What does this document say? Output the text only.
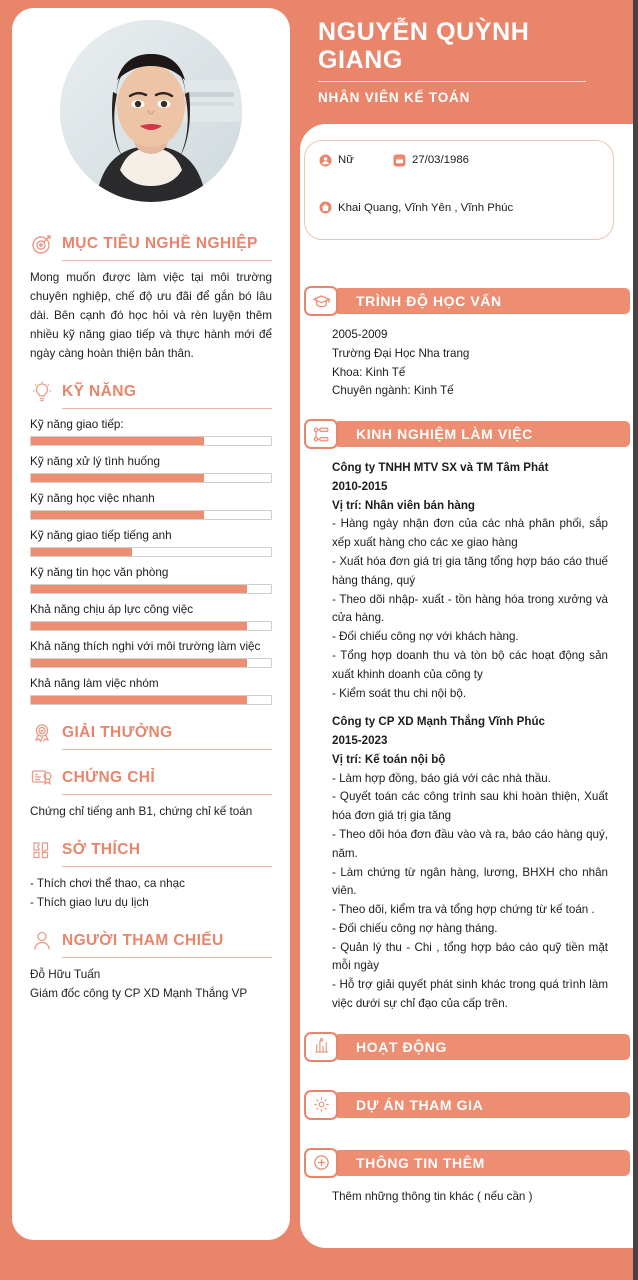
MỤC TIÊU NGHỀ NGHIỆP

Mong muốn được làm việc tại môi trường chuyên nghiệp, chế độ ưu đãi để gắn bó lâu dài. Bên cạnh đó học hỏi và rèn luyện thêm nhiều kỹ năng giao tiếp và thực hành mới để ngày càng hoàn thiện bản thân.

KỸ NĂNG
Kỹ năng giao tiếp:
Kỹ năng xử lý tình huống
Kỹ năng học việc nhanh
Kỹ năng giao tiếp tiếng anh
Kỹ năng tin học văn phòng
Khả năng chịu áp lực công việc
Khả năng thích nghi với môi trường làm việc
Khả năng làm việc nhóm
GIẢI THƯỞNG

CHỨNG CHỈ

Chứng chỉ tiếng anh B1, chứng chỉ kế toán

SỞ THÍCH
- Thích chơi thể thao, ca nhạc
- Thích giao lưu dụ lịch
NGƯỜI THAM CHIẾU
Đỗ Hữu Tuấn
Giám đốc công ty CP XD Mạnh Thắng VP
NGUYỄN QUỲNH GIANG
NHÂN VIÊN KẾ TOÁN
Nữ	27/03/1986
Khai Quang, Vĩnh Yên , Vĩnh Phúc
TRÌNH ĐỘ HỌC VẤN
2005-2009
Trường Đại Học Nha trang
Khoa: Kinh Tế
Chuyên ngành: Kinh Tế
KINH NGHIỆM LÀM VIỆC
Công ty TNHH MTV SX và TM Tâm Phát
2010-2015
Vị trí: Nhân viên bán hàng
- Hàng ngày nhận đơn của các nhà phân phối, sắp xếp xuất hàng cho các xe giao hàng
- Xuất hóa đơn giá trị gia tăng tổng hợp báo cáo thuế hàng tháng, quý
- Theo dõi nhập- xuất - tồn hàng hóa trong xưởng và cửa hàng.
- Đối chiếu công nợ với khách hàng.
- Tổng hợp doanh thu và tòn bộ các hoạt động sản xuất khinh doanh của công ty
- Kiểm soát thu chi nội bộ.
Công ty CP XD Mạnh Thắng Vĩnh Phúc
2015-2023
Vị trí: Kế toán nội bộ
- Làm hợp đồng, báo giá với các nhà thầu.
- Quyết toán các công trình sau khi hoàn thiện, Xuất hóa đơn giá trị gia tăng
- Theo dõi hóa đơn đầu vào và ra, báo cáo hàng quý, năm.
- Làm chứng từ ngân hàng, lương, BHXH cho nhân viên.
- Theo dõi, kiểm tra và tổng hợp chứng từ kế toán .
- Đối chiếu công nợ hàng tháng.
- Quản lý thu - Chi , tổng hợp báo cáo quỹ tiền mặt mỗi ngày
- Hỗ trợ giải quyết phát sinh khác trong quá trình làm việc dưới sự chỉ đạo của cấp trên.
HOẠT ĐỘNG
DỰ ÁN THAM GIA
THÔNG TIN THÊM
Thêm những thông tin khác ( nếu cần )
